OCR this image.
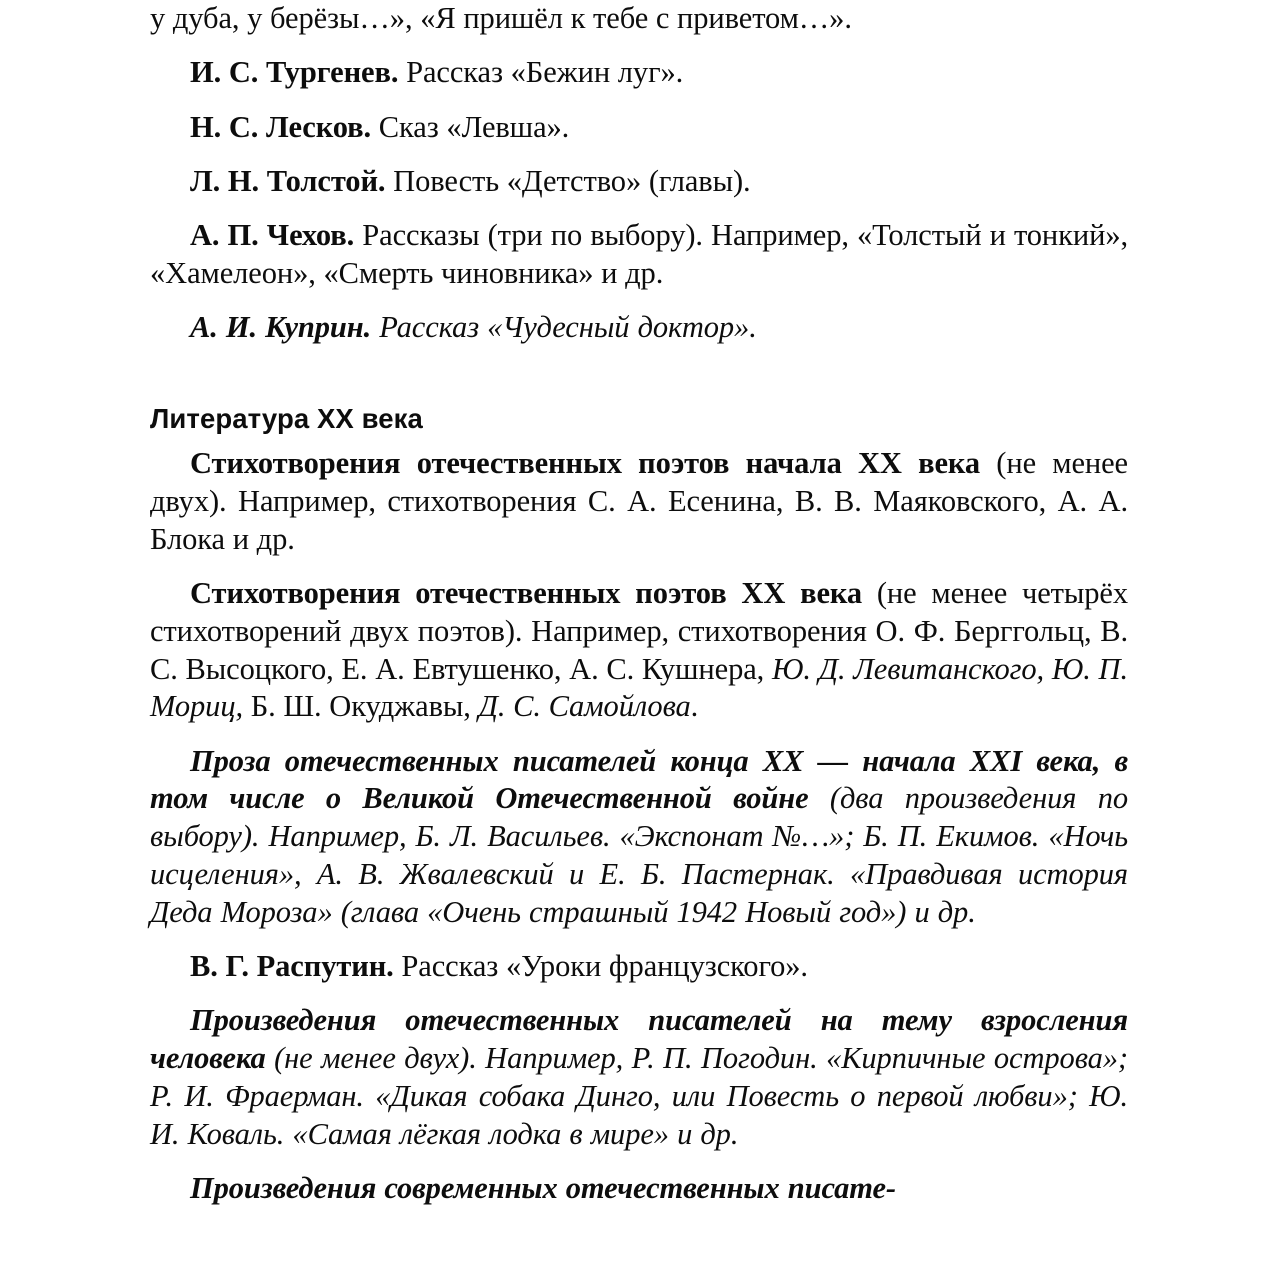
у дуба, у берёзы…», «Я пришёл к тебе с приветом…».

И. С. Тургенев. Рассказ «Бежин луг».

Н. С. Лесков. Сказ «Левша».

Л. Н. Толстой. Повесть «Детство» (главы).

А. П. Чехов. Рассказы (три по выбору). Например, «Толстый и тонкий», «Хамелеон», «Смерть чиновника» и др.

А. И. Куприн. Рассказ «Чудесный доктор».

Литература XX века

Стихотворения отечественных поэтов начала XX века (не менее двух). Например, стихотворения С. А. Есенина, В. В. Маяковского, А. А. Блока и др.

Стихотворения отечественных поэтов XX века (не менее четырёх стихотворений двух поэтов). Например, стихотворения О. Ф. Берггольц, В. С. Высоцкого, Е. А. Евтушенко, А. С. Кушнера, Ю. Д. Левитанского, Ю. П. Мориц, Б. Ш. Окуджавы, Д. С. Самойлова.

Проза отечественных писателей конца XX — начала XXI века, в том числе о Великой Отечественной войне (два произведения по выбору). Например, Б. Л. Васильев. «Экспонат №…»; Б. П. Екимов. «Ночь исцеления», А. В. Жвалевский и Е. Б. Пастернак. «Правдивая история Деда Мороза» (глава «Очень страшный 1942 Новый год») и др.

В. Г. Распутин. Рассказ «Уроки французского».

Произведения отечественных писателей на тему взросления человека (не менее двух). Например, Р. П. Погодин. «Кирпичные острова»; Р. И. Фраерман. «Дикая собака Динго, или Повесть о первой любви»; Ю. И. Коваль. «Самая лёгкая лодка в мире» и др.

Произведения современных отечественных писате-
